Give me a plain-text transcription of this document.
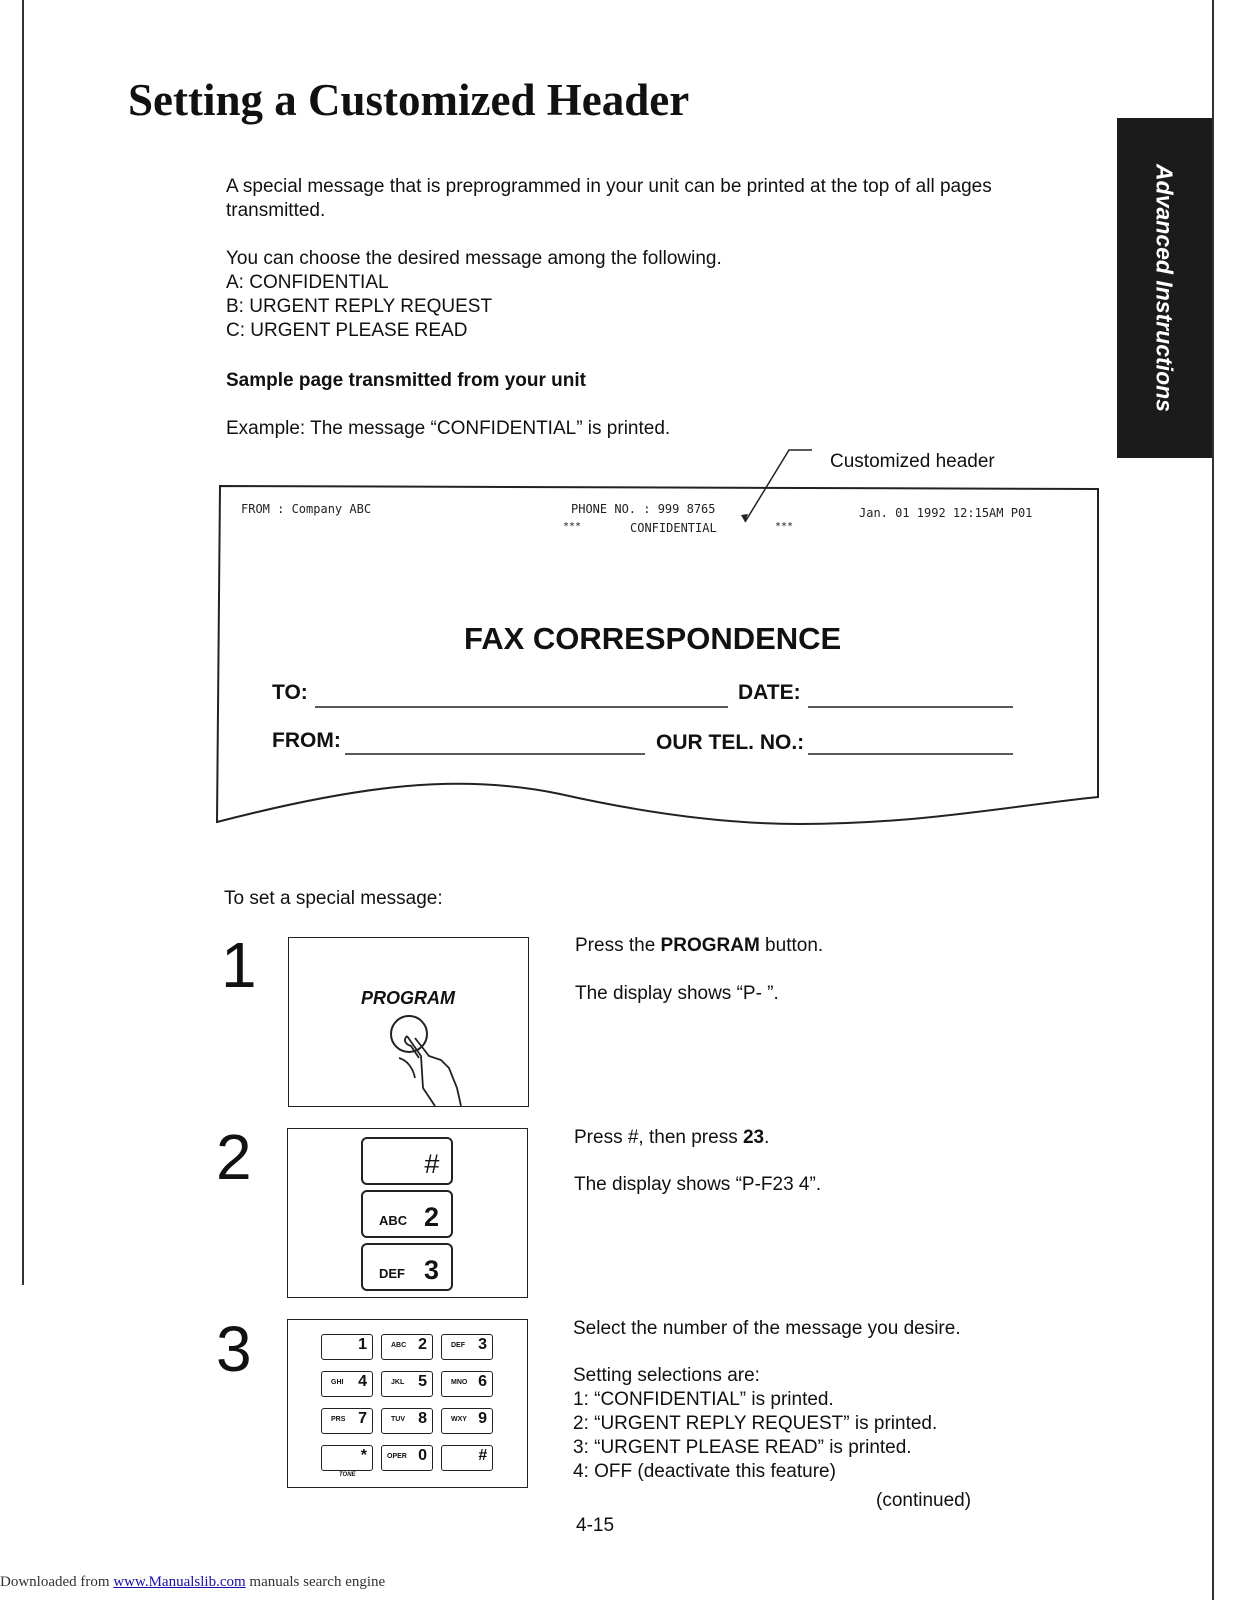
Setting a Customized Header
Advanced Instructions
A special message that is preprogrammed in your unit can be printed at the top of all pages transmitted.
You can choose the desired message among the following.
A: CONFIDENTIAL
B: URGENT REPLY REQUEST
C: URGENT PLEASE READ
Sample page transmitted from your unit
Example: The message “CONFIDENTIAL” is printed.
Customized header
FROM : Company ABC	PHONE NO. : 999 8765	Jan. 01 1992 12:15AM P01
***	CONFIDENTIAL	***
FAX CORRESPONDENCE
TO:	DATE:
FROM:	OUR TEL. NO.:
To set a special message:
1	PROGRAM
Press the PROGRAM button.
The display shows “P- ”.
2	#
ABC 2
DEF 3
Press #, then press 23.
The display shows “P-F23 4”.
3	1	ABC 2	DEF 3
GHI 4	JKL 5	MNO 6
PRS 7	TUV 8	WXY 9
*	OPER 0	#
TONE
Select the number of the message you desire.
Setting selections are:
1: “CONFIDENTIAL” is printed.
2: “URGENT REPLY REQUEST” is printed.
3: “URGENT PLEASE READ” is printed.
4: OFF (deactivate this feature)
(continued)
4-15
Downloaded from www.Manualslib.com manuals search engine
